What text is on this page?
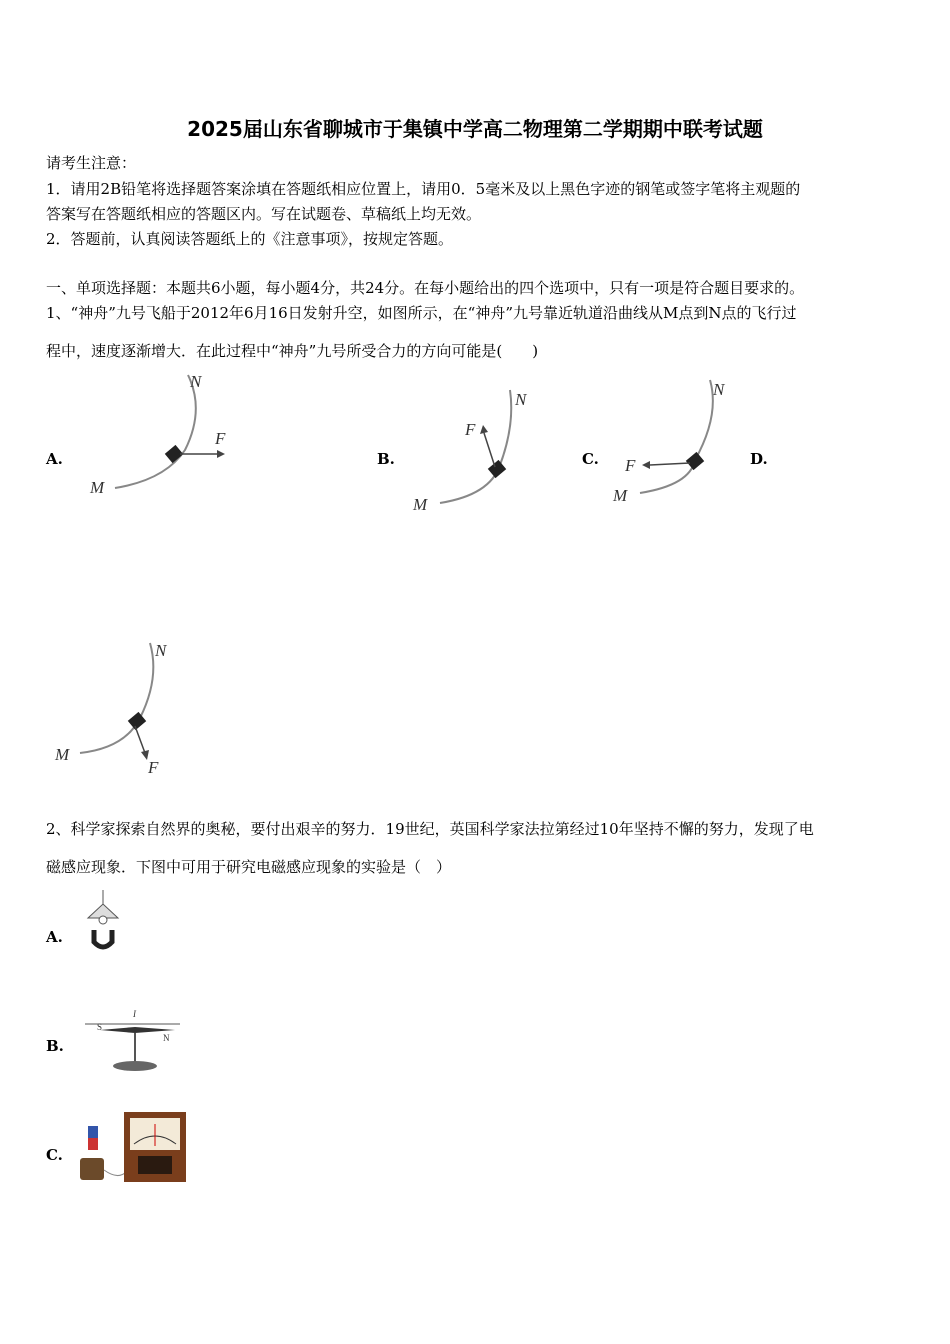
2025届山东省聊城市于集镇中学高二物理第二学期期中联考试题
请考生注意：
1．请用2B铅笔将选择题答案涂填在答题纸相应位置上，请用0．5毫米及以上黑色字迹的钢笔或签字笔将主观题的
答案写在答题纸相应的答题区内。写在试题卷、草稿纸上均无效。
2．答题前，认真阅读答题纸上的《注意事项》，按规定答题。
一、单项选择题：本题共6小题，每小题4分，共24分。在每小题给出的四个选项中，只有一项是符合题目要求的。
1、“神舟”九号飞船于2012年6月16日发射升空，如图所示，在“神舟”九号靠近轨道沿曲线从M点到N点的飞行过
程中，速度逐渐增大．在此过程中“神舟”九号所受合力的方向可能是(　　)
A.	B.	C.	D.
N
F
M
N
F
M
N
F
M
N
F
M
2、科学家探索自然界的奥秘，要付出艰辛的努力．19世纪，英国科学家法拉第经过10年坚持不懈的努力，发现了电
磁感应现象．下图中可用于研究电磁感应现象的实验是（　）
A.
B.
S
N
I
C.
